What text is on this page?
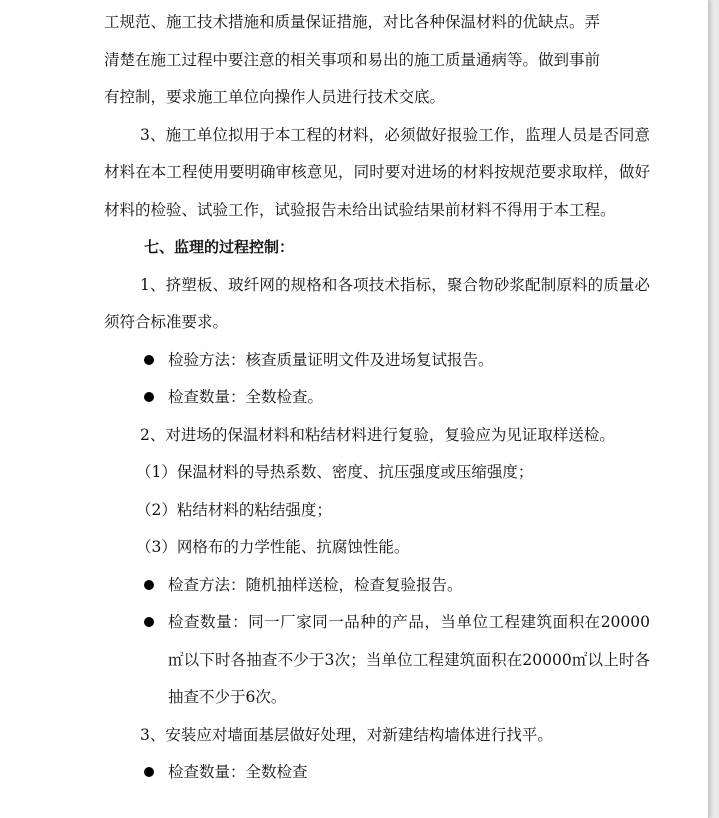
工规范、施工技术措施和质量保证措施，对比各种保温材料的优缺点。弄

清楚在施工过程中要注意的相关事项和易出的施工质量通病等。做到事前

有控制，要求施工单位向操作人员进行技术交底。

3、施工单位拟用于本工程的材料，必须做好报验工作，监理人员是否同意材料在本工程使用要明确审核意见，同时要对进场的材料按规范要求取样，做好材料的检验、试验工作，试验报告未给出试验结果前材料不得用于本工程。

七、监理的过程控制：

1、挤塑板、玻纤网的规格和各项技术指标，聚合物砂浆配制原料的质量必须符合标准要求。

检验方法：核查质量证明文件及进场复试报告。
检查数量：全数检查。

2、对进场的保温材料和粘结材料进行复验，复验应为见证取样送检。

（1）保温材料的导热系数、密度、抗压强度或压缩强度；

（2）粘结材料的粘结强度；

（3）网格布的力学性能、抗腐蚀性能。

检查方法：随机抽样送检，检查复验报告。
检查数量：同一厂家同一品种的产品，当单位工程建筑面积在20000㎡以下时各抽查不少于3次；当单位工程建筑面积在20000㎡以上时各抽查不少于6次。

3、安装应对墙面基层做好处理，对新建结构墙体进行找平。

检查数量：全数检查
